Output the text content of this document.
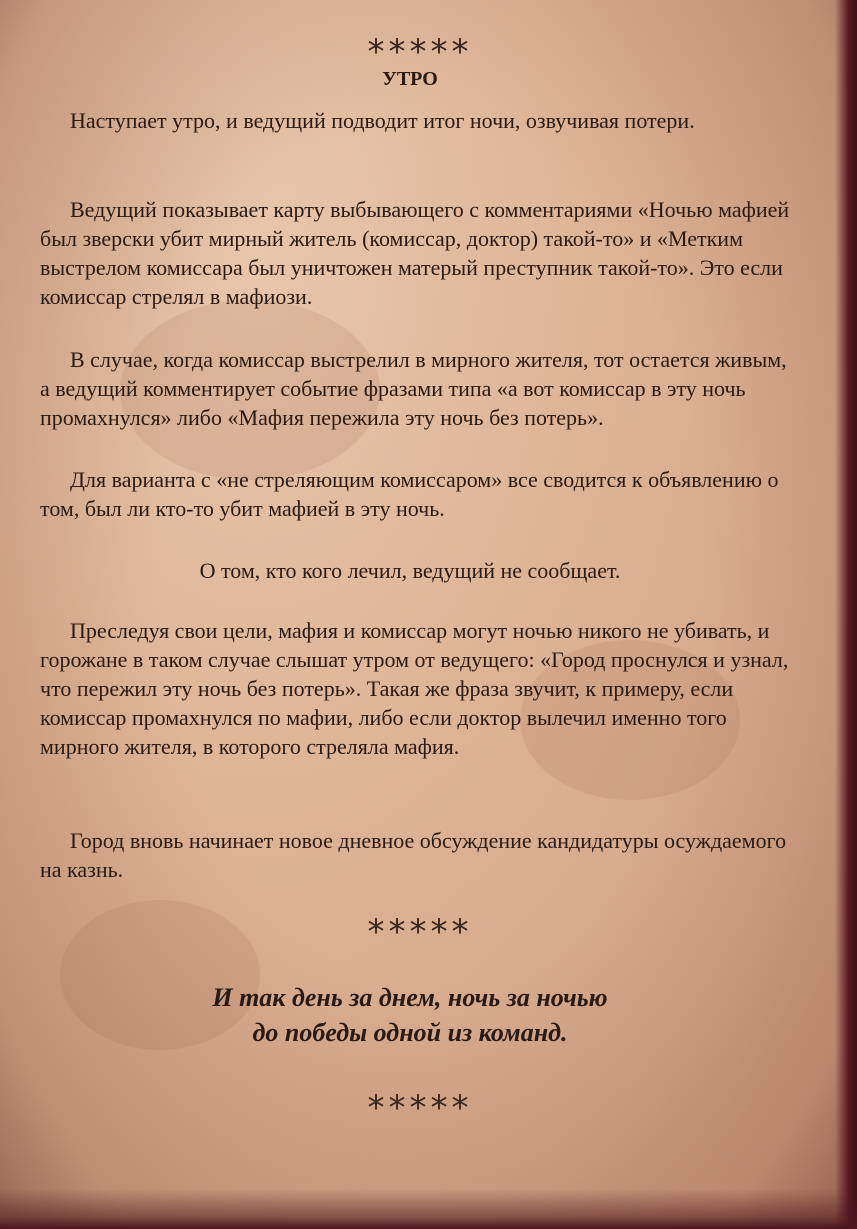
*****
УТРО
Наступает утро, и ведущий подводит итог ночи, озвучивая потери.
Ведущий показывает карту выбывающего с комментариями «Ночью мафией был зверски убит мирный житель (комиссар, доктор) такой-то» и «Метким выстрелом комиссара был уничтожен матерый преступник такой-то». Это если комиссар стрелял в мафиози.
В случае, когда комиссар выстрелил в мирного жителя, тот остается живым, а ведущий комментирует событие фразами типа «а вот комиссар в эту ночь промахнулся» либо «Мафия пережила эту ночь без потерь».
Для варианта с «не стреляющим комиссаром» все сводится к объявлению о том, был ли кто-то убит мафией в эту ночь.
О том, кто кого лечил, ведущий не сообщает.
Преследуя свои цели, мафия и комиссар могут ночью никого не убивать, и горожане в таком случае слышат утром от ведущего: «Город проснулся и узнал, что пережил эту ночь без потерь». Такая же фраза звучит, к примеру, если комиссар промахнулся по мафии, либо если доктор вылечил именно того мирного жителя, в которого стреляла мафия.
Город вновь начинает новое дневное обсуждение кандидатуры осуждаемого на казнь.
*****
И так день за днем, ночь за ночью
до победы одной из команд.
*****
